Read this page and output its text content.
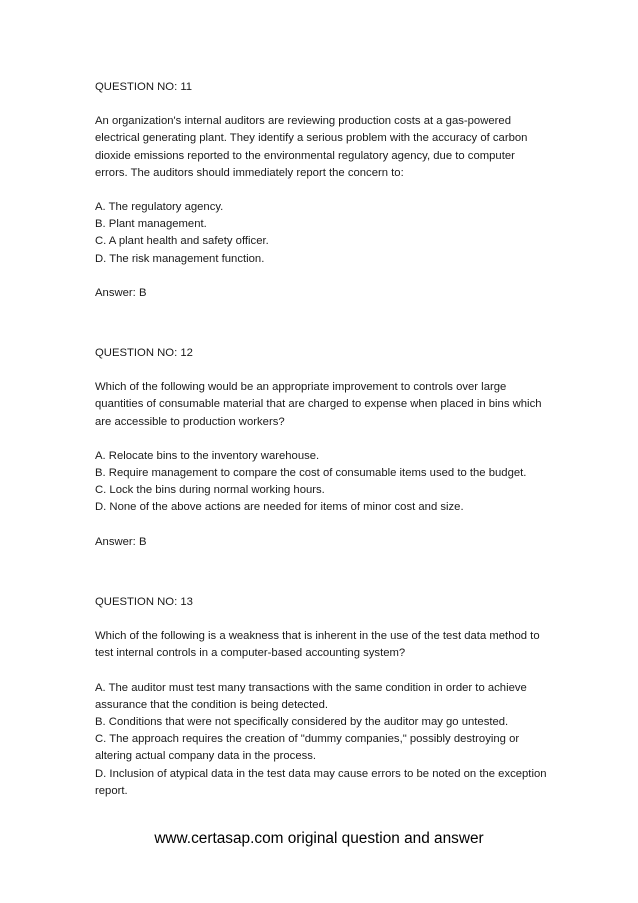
QUESTION NO: 11
An organization's internal auditors are reviewing production costs at a gas-powered
electrical generating plant. They identify a serious problem with the accuracy of carbon
dioxide emissions reported to the environmental regulatory agency, due to computer
errors. The auditors should immediately report the concern to:
A. The regulatory agency.
B. Plant management.
C. A plant health and safety officer.
D. The risk management function.
Answer: B
QUESTION NO: 12
Which of the following would be an appropriate improvement to controls over large
quantities of consumable material that are charged to expense when placed in bins which
are accessible to production workers?
A. Relocate bins to the inventory warehouse.
B. Require management to compare the cost of consumable items used to the budget.
C. Lock the bins during normal working hours.
D. None of the above actions are needed for items of minor cost and size.
Answer: B
QUESTION NO: 13
Which of the following is a weakness that is inherent in the use of the test data method to
test internal controls in a computer-based accounting system?
A. The auditor must test many transactions with the same condition in order to achieve
assurance that the condition is being detected.
B. Conditions that were not specifically considered by the auditor may go untested.
C. The approach requires the creation of "dummy companies," possibly destroying or
altering actual company data in the process.
D. Inclusion of atypical data in the test data may cause errors to be noted on the exception
report.
www.certasap.com original question and answer
